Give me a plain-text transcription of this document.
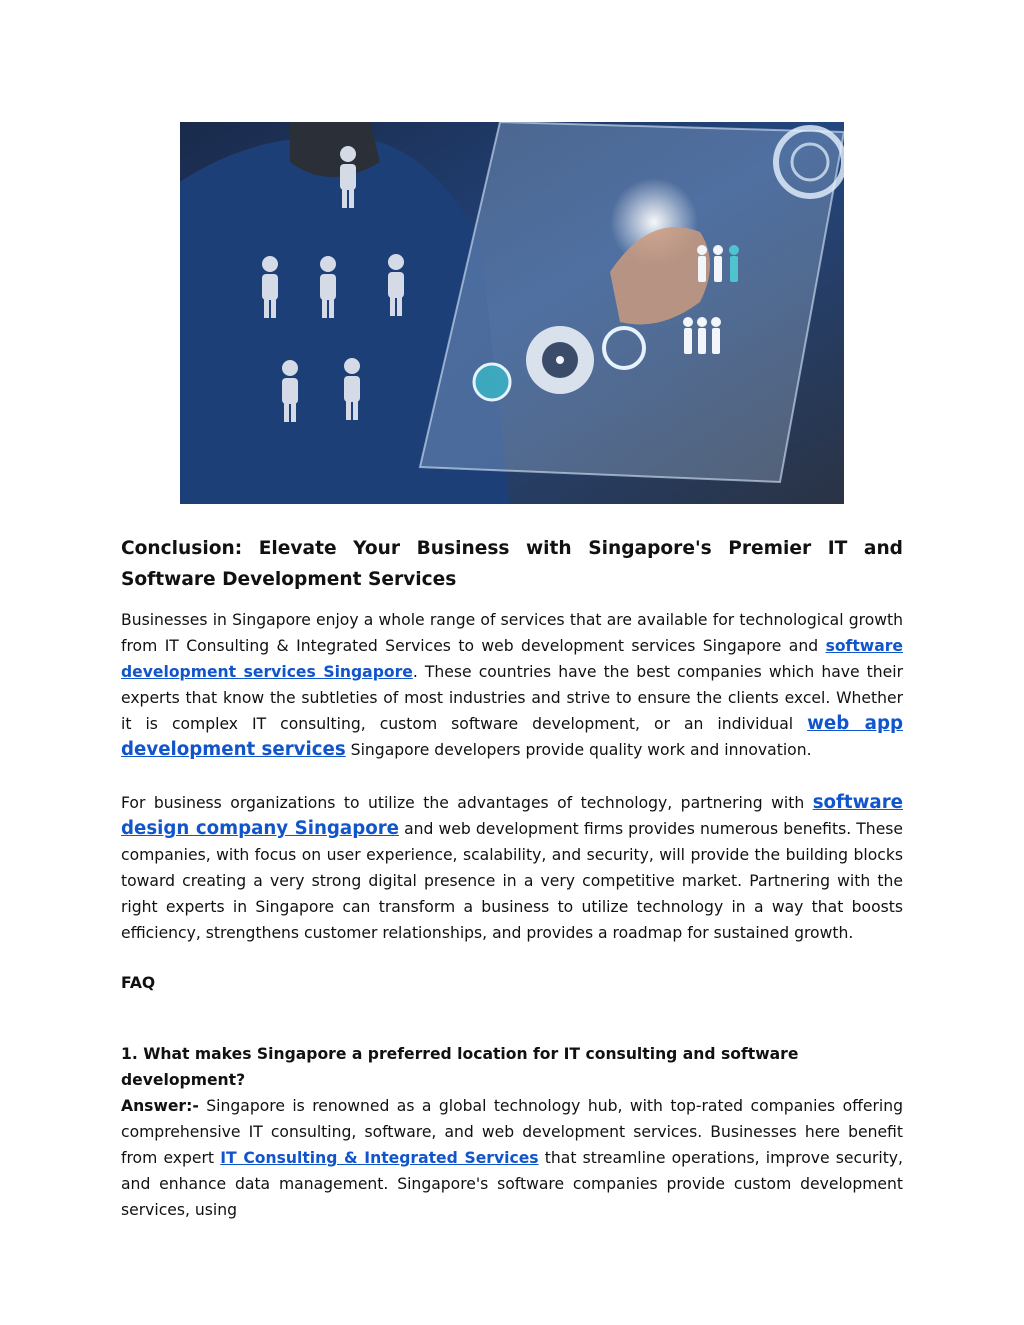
Conclusion: Elevate Your Business with Singapore's Premier IT and Software Development Services

Businesses in Singapore enjoy a whole range of services that are available for technological growth from IT Consulting & Integrated Services to web development services Singapore and software development services Singapore. These countries have the best companies which have their experts that know the subtleties of most industries and strive to ensure the clients excel. Whether it is complex IT consulting, custom software development, or an individual web app development services Singapore developers provide quality work and innovation.

For business organizations to utilize the advantages of technology, partnering with software design company Singapore and web development firms provides numerous benefits. These companies, with focus on user experience, scalability, and security, will provide the building blocks toward creating a very strong digital presence in a very competitive market. Partnering with the right experts in Singapore can transform a business to utilize technology in a way that boosts efficiency, strengthens customer relationships, and provides a roadmap for sustained growth.

FAQ
1. What makes Singapore a preferred location for IT consulting and software development?

Answer:- Singapore is renowned as a global technology hub, with top-rated companies offering comprehensive IT consulting, software, and web development services. Businesses here benefit from expert IT Consulting & Integrated Services that streamline operations, improve security, and enhance data management. Singapore's software companies provide custom development services, using
